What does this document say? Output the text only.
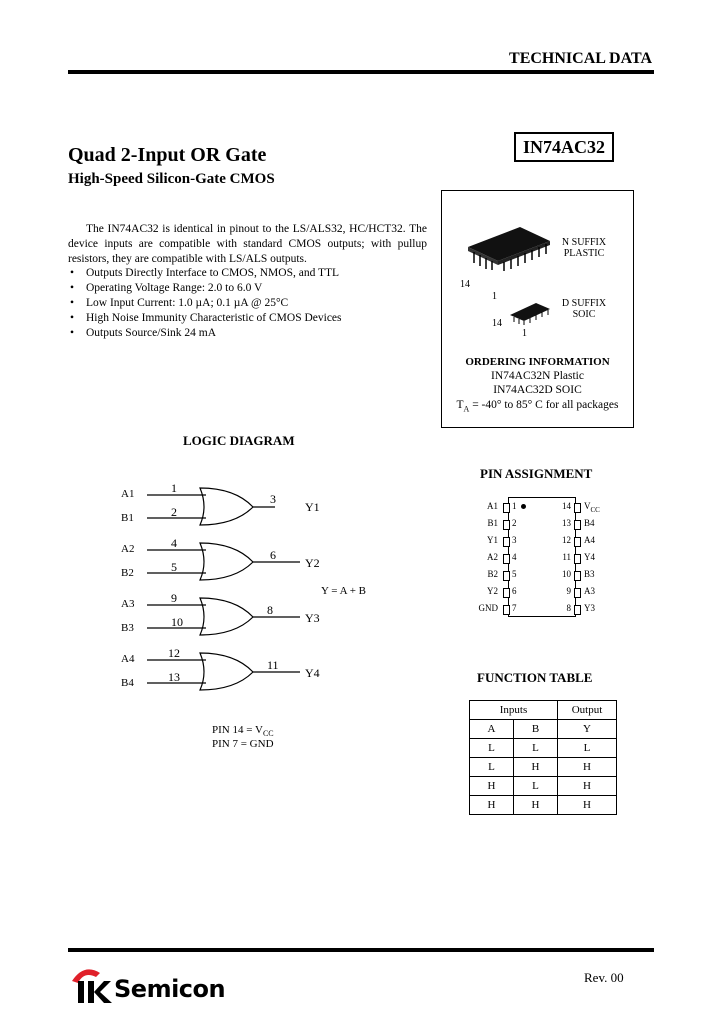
TECHNICAL DATA
Quad 2-Input OR Gate
High-Speed Silicon-Gate CMOS
IN74AC32

The IN74AC32 is identical in pinout to the LS/ALS32, HC/HCT32. The device inputs are compatible with standard CMOS outputs; with pullup resistors, they are compatible with LS/ALS outputs.

• Outputs Directly Interface to CMOS, NMOS, and TTL
• Operating Voltage Range: 2.0 to 6.0 V
• Low Input Current: 1.0 µA; 0.1 µA @ 25°C
• High Noise Immunity Characteristic of CMOS Devices
• Outputs Source/Sink 24 mA
N SUFFIX
PLASTIC
14
1
D SUFFIX
SOIC
14
1
ORDERING INFORMATION
IN74AC32N Plastic
IN74AC32D SOIC
$T_A = -40^\circ$ to 85° C for all packages
LOGIC DIAGRAM
A1
B1
1
2
3
Y1
A2
B2
4
5
6
Y2
Y = A + B
A3
B3
9
10
8
Y3
A4
B4
12
13
11
Y4
PIN $14 = V_{CC}$
PIN 7 = GND
PIN ASSIGNMENT
A1 1
B1 2
Y1 3
A2 4
B2 5
Y2 6
GND 7
14 $V_{CC}$
13 B4
12 A4
11 Y4
10 B3
9 A3
8 Y3
FUNCTION TABLE
Inputs		Output
A	B	Y
L	L	L
L	H	H
H	L	H
H	H	H
Semicon	Rev. 00
